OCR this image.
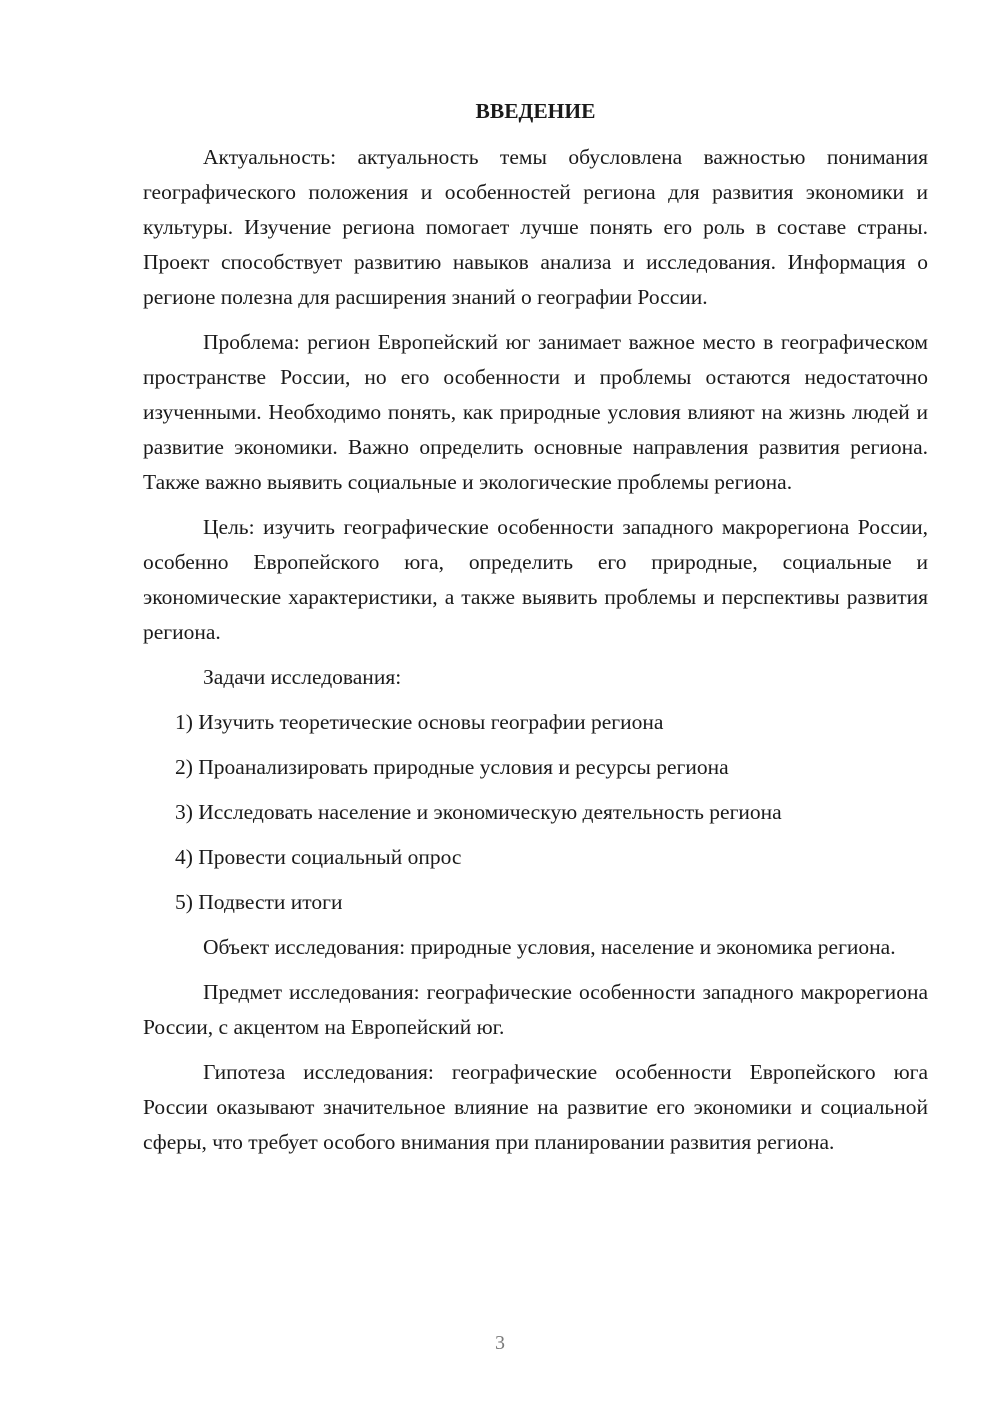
ВВЕДЕНИЕ

Актуальность: актуальность темы обусловлена важностью понимания географического положения и особенностей региона для развития экономики и культуры. Изучение региона помогает лучше понять его роль в составе страны. Проект способствует развитию навыков анализа и исследования. Информация о регионе полезна для расширения знаний о географии России.

Проблема: регион Европейский юг занимает важное место в географическом пространстве России, но его особенности и проблемы остаются недостаточно изученными. Необходимо понять, как природные условия влияют на жизнь людей и развитие экономики. Важно определить основные направления развития региона. Также важно выявить социальные и экологические проблемы региона.

Цель: изучить географические особенности западного макрорегиона России, особенно Европейского юга, определить его природные, социальные и экономические характеристики, а также выявить проблемы и перспективы развития региона.

Задачи исследования:

1) Изучить теоретические основы географии региона

2) Проанализировать природные условия и ресурсы региона

3) Исследовать население и экономическую деятельность региона

4) Провести социальный опрос

5) Подвести итоги

Объект исследования: природные условия, население и экономика региона.

Предмет исследования: географические особенности западного макрорегиона России, с акцентом на Европейский юг.

Гипотеза исследования: географические особенности Европейского юга России оказывают значительное влияние на развитие его экономики и социальной сферы, что требует особого внимания при планировании развития региона.

3
